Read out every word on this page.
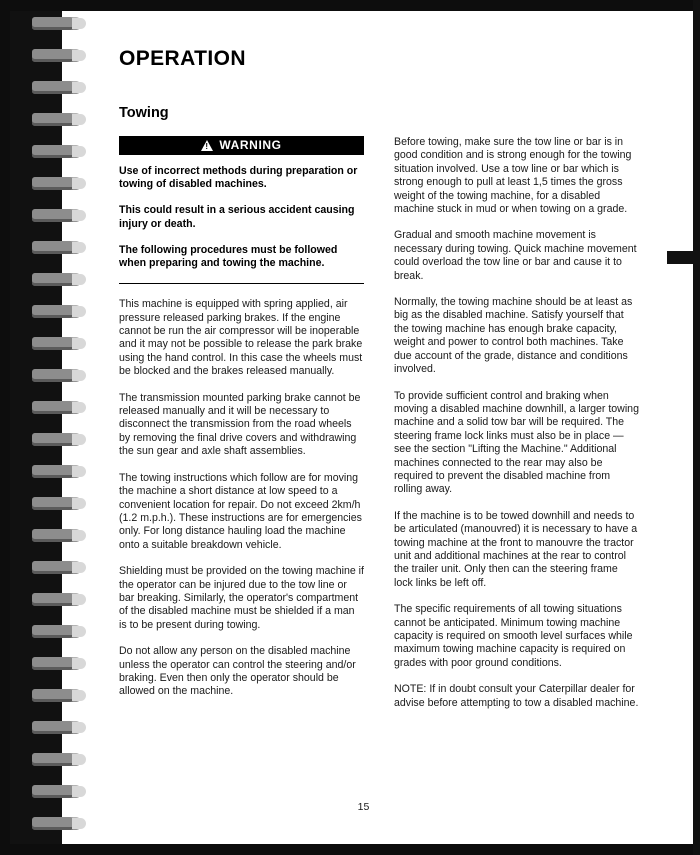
OPERATION
Towing
!
WARNING

Use of incorrect methods during preparation or towing of disabled machines.

This could result in a serious accident causing injury or death.

The following procedures must be followed when preparing and towing the machine.

This machine is equipped with spring applied, air pressure released parking brakes. If the engine cannot be run the air compressor will be inoperable and it may not be possible to release the park brake using the hand control. In this case the wheels must be blocked and the brakes released manually.

The transmission mounted parking brake cannot be released manually and it will be necessary to disconnect the transmission from the road wheels by removing the final drive covers and withdrawing the sun gear and axle shaft assemblies.

The towing instructions which follow are for moving the machine a short distance at low speed to a convenient location for repair. Do not exceed 2km/h (1.2 m.p.h.). These instructions are for emergencies only. For long distance hauling load the machine onto a suitable breakdown vehicle.

Shielding must be provided on the towing machine if the operator can be injured due to the tow line or bar breaking. Similarly, the operator's compartment of the disabled machine must be shielded if a man is to be present during towing.

Do not allow any person on the disabled machine unless the operator can control the steering and/or braking. Even then only the operator should be allowed on the machine.

Before towing, make sure the tow line or bar is in good condition and is strong enough for the towing situation involved. Use a tow line or bar which is strong enough to pull at least 1,5 times the gross weight of the towing machine, for a disabled machine stuck in mud or when towing on a grade.

Gradual and smooth machine movement is necessary during towing. Quick machine movement could overload the tow line or bar and cause it to break.

Normally, the towing machine should be at least as big as the disabled machine. Satisfy yourself that the towing machine has enough brake capacity, weight and power to control both machines. Take due account of the grade, distance and conditions involved.

To provide sufficient control and braking when moving a disabled machine downhill, a larger towing machine and a solid tow bar will be required. The steering frame lock links must also be in place — see the section "Lifting the Machine." Additional machines connected to the rear may also be required to prevent the disabled machine from rolling away.

If the machine is to be towed downhill and needs to be articulated (manouvred) it is necessary to have a towing machine at the front to manouvre the tractor unit and additional machines at the rear to control the trailer unit. Only then can the steering frame lock links be left off.

The specific requirements of all towing situations cannot be anticipated. Minimum towing machine capacity is required on smooth level surfaces while maximum towing machine capacity is required on grades with poor ground conditions.

NOTE: If in doubt consult your Caterpillar dealer for advise before attempting to tow a disabled machine.

15
